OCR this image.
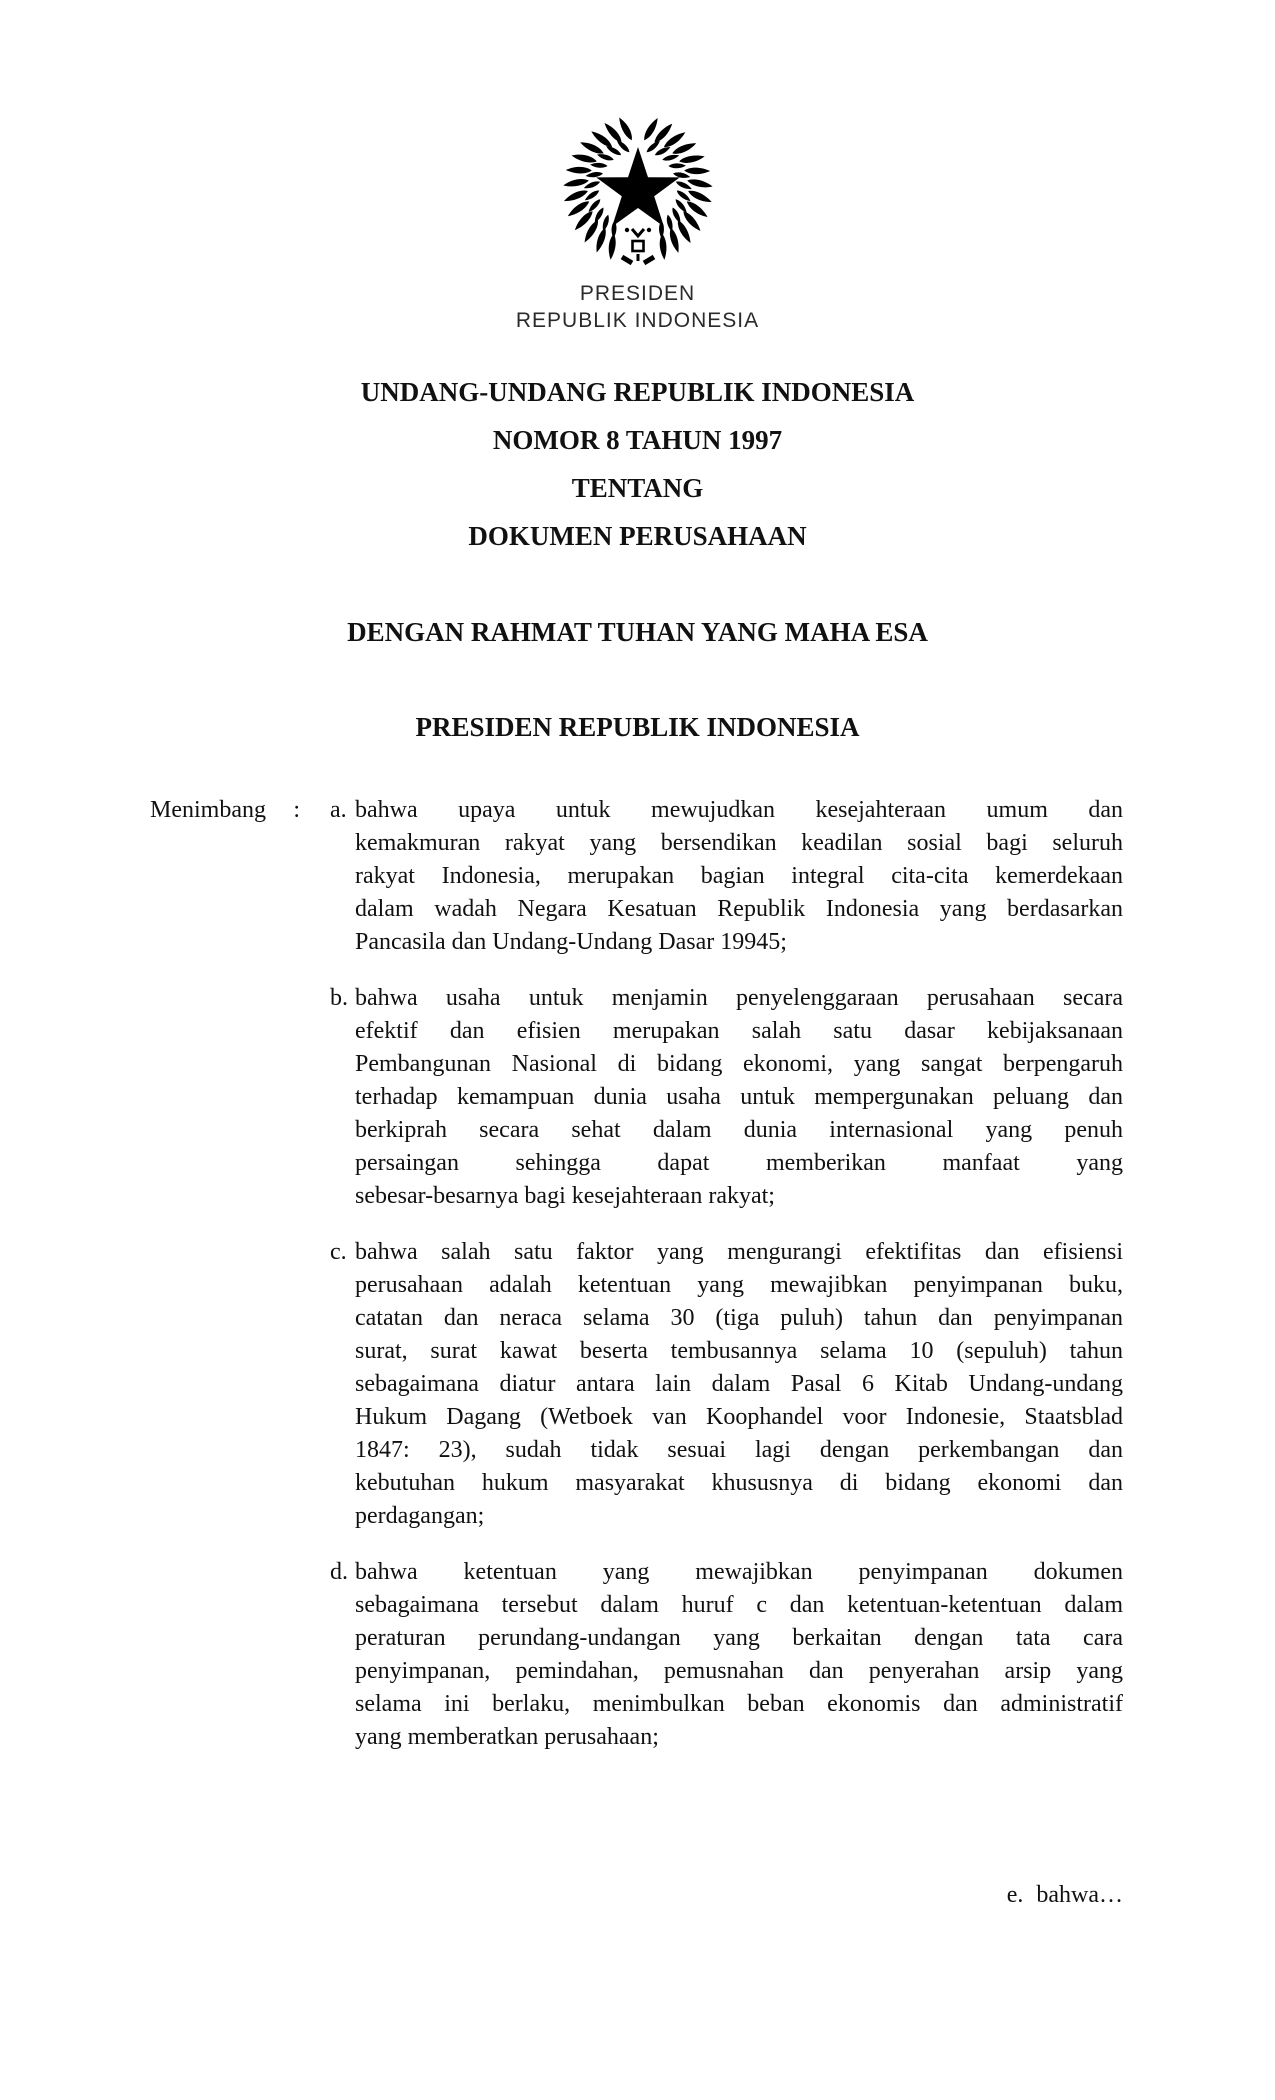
PRESIDEN
REPUBLIK INDONESIA
UNDANG-UNDANG REPUBLIK INDONESIA
NOMOR 8 TAHUN 1997
TENTANG
DOKUMEN PERUSAHAAN
DENGAN RAHMAT TUHAN YANG MAHA ESA
PRESIDEN REPUBLIK INDONESIA
Menimbang : a. bahwa upaya untuk mewujudkan kesejahteraan umum dan
kemakmuran rakyat yang bersendikan keadilan sosial bagi seluruh
rakyat Indonesia, merupakan bagian integral cita-cita kemerdekaan
dalam wadah Negara Kesatuan Republik Indonesia yang berdasarkan
Pancasila dan Undang-Undang Dasar 19945;
b. bahwa usaha untuk menjamin penyelenggaraan perusahaan secara
efektif dan efisien merupakan salah satu dasar kebijaksanaan
Pembangunan Nasional di bidang ekonomi, yang sangat berpengaruh
terhadap kemampuan dunia usaha untuk mempergunakan peluang dan
berkiprah secara sehat dalam dunia internasional yang penuh
persaingan sehingga dapat memberikan manfaat yang
sebesar-besarnya bagi kesejahteraan rakyat;
c. bahwa salah satu faktor yang mengurangi efektifitas dan efisiensi
perusahaan adalah ketentuan yang mewajibkan penyimpanan buku,
catatan dan neraca selama 30 (tiga puluh) tahun dan penyimpanan
surat, surat kawat beserta tembusannya selama 10 (sepuluh) tahun
sebagaimana diatur antara lain dalam Pasal 6 Kitab Undang-undang
Hukum Dagang (Wetboek van Koophandel voor Indonesie, Staatsblad
1847: 23), sudah tidak sesuai lagi dengan perkembangan dan
kebutuhan hukum masyarakat khususnya di bidang ekonomi dan
perdagangan;
d. bahwa ketentuan yang mewajibkan penyimpanan dokumen
sebagaimana tersebut dalam huruf c dan ketentuan-ketentuan dalam
peraturan perundang-undangan yang berkaitan dengan tata cara
penyimpanan, pemindahan, pemusnahan dan penyerahan arsip yang
selama ini berlaku, menimbulkan beban ekonomis dan administratif
yang memberatkan perusahaan;
e. bahwa…
